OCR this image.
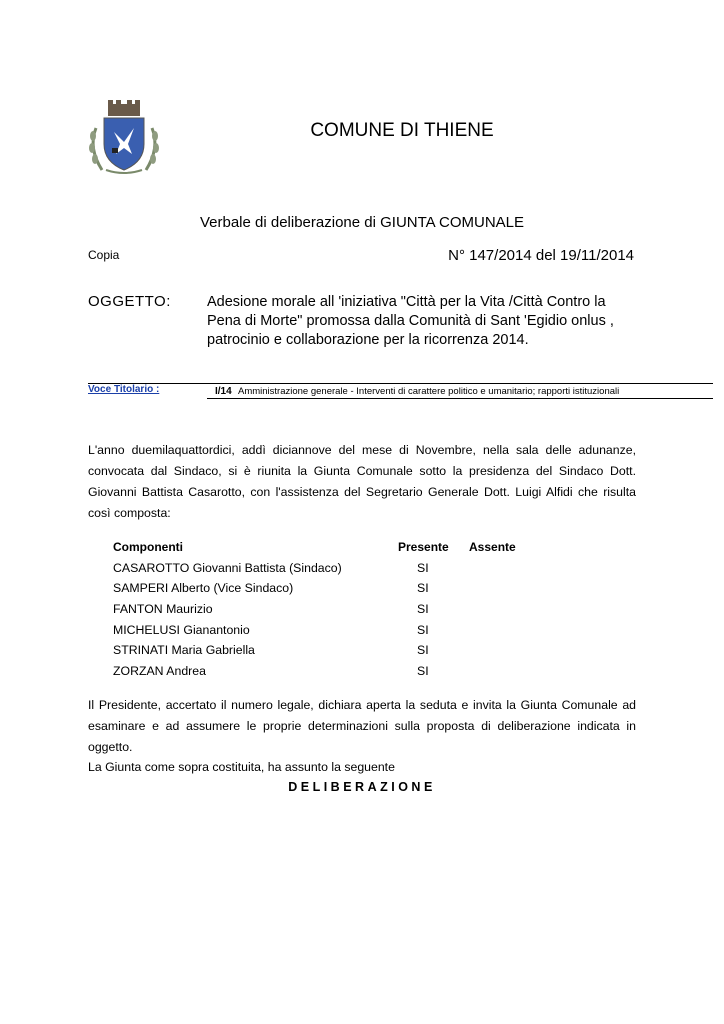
COMUNE DI THIENE
Verbale di deliberazione di GIUNTA COMUNALE
Copia	N° 147/2014 del 19/11/2014
OGGETTO: Adesione morale all 'iniziativa "Città per la Vita /Città Contro la
Pena di Morte" promossa dalla Comunità di Sant 'Egidio onlus ,
patrocinio e collaborazione per la ricorrenza 2014.
Voce Titolario :	I/14 Amministrazione generale - Interventi di carattere politico e umanitario; rapporti istituzionali
L'anno duemilaquattordici, addì diciannove del mese di Novembre, nella sala delle adunanze, convocata dal Sindaco, si è riunita la Giunta Comunale sotto la presidenza del Sindaco Dott. Giovanni Battista Casarotto, con l'assistenza del Segretario Generale Dott. Luigi Alfidi che risulta così composta:
Componenti	Presente Assente
CASAROTTO Giovanni Battista (Sindaco)	SI
SAMPERI Alberto (Vice Sindaco)	SI
FANTON Maurizio	SI
MICHELUSI Gianantonio	SI
STRINATI Maria Gabriella	SI
ZORZAN Andrea	SI
Il Presidente, accertato il numero legale, dichiara aperta la seduta e invita la Giunta Comunale ad esaminare e ad assumere le proprie determinazioni sulla proposta di deliberazione indicata in oggetto.
La Giunta come sopra costituita, ha assunto la seguente
DELIBERAZIONE
